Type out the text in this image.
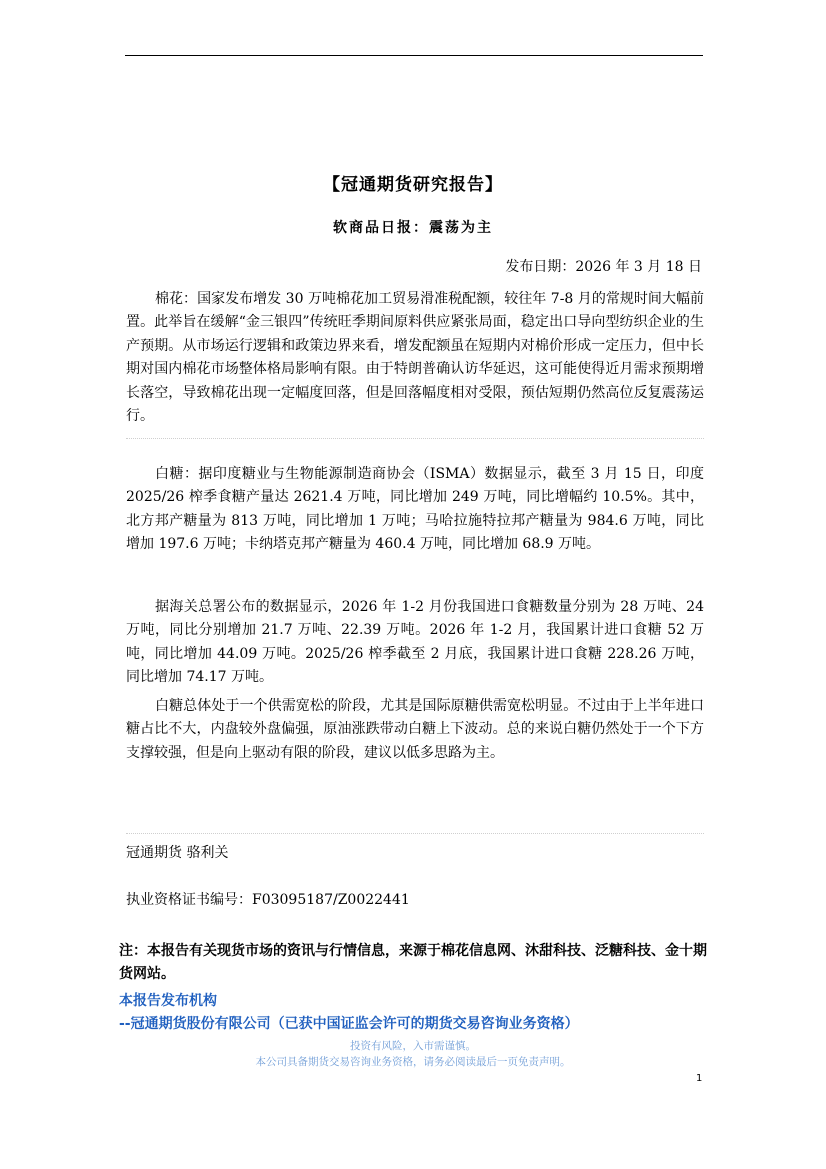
【冠通期货研究报告】
软商品日报：震荡为主
发布日期：2026 年 3 月 18 日

棉花：国家发布增发 30 万吨棉花加工贸易滑准税配额，较往年 7-8 月的常规时间大幅前置。此举旨在缓解“金三银四”传统旺季期间原料供应紧张局面，稳定出口导向型纺织企业的生产预期。从市场运行逻辑和政策边界来看，增发配额虽在短期内对棉价形成一定压力，但中长期对国内棉花市场整体格局影响有限。由于特朗普确认访华延迟，这可能使得近月需求预期增长落空，导致棉花出现一定幅度回落，但是回落幅度相对受限，预估短期仍然高位反复震荡运行。

白糖：据印度糖业与生物能源制造商协会（ISMA）数据显示，截至 3 月 15 日，印度 2025/26 榨季食糖产量达 2621.4 万吨，同比增加 249 万吨，同比增幅约 10.5%。其中，北方邦产糖量为 813 万吨，同比增加 1 万吨；马哈拉施特拉邦产糖量为 984.6 万吨，同比增加 197.6 万吨；卡纳塔克邦产糖量为 460.4 万吨，同比增加 68.9 万吨。

据海关总署公布的数据显示，2026 年 1-2 月份我国进口食糖数量分别为 28 万吨、24 万吨，同比分别增加 21.7 万吨、22.39 万吨。2026 年 1-2 月，我国累计进口食糖 52 万吨，同比增加 44.09 万吨。2025/26 榨季截至 2 月底，我国累计进口食糖 228.26 万吨，同比增加 74.17 万吨。

白糖总体处于一个供需宽松的阶段，尤其是国际原糖供需宽松明显。不过由于上半年进口糖占比不大，内盘较外盘偏强，原油涨跌带动白糖上下波动。总的来说白糖仍然处于一个下方支撑较强，但是向上驱动有限的阶段，建议以低多思路为主。

冠通期货 骆利关
执业资格证书编号：F03095187/Z0022441

注：本报告有关现货市场的资讯与行情信息，来源于棉花信息网、沐甜科技、泛糖科技、金十期货网站。

本报告发布机构
--冠通期货股份有限公司（已获中国证监会许可的期货交易咨询业务资格）
投资有风险，入市需谨慎。
本公司具备期货交易咨询业务资格，请务必阅读最后一页免责声明。
1
